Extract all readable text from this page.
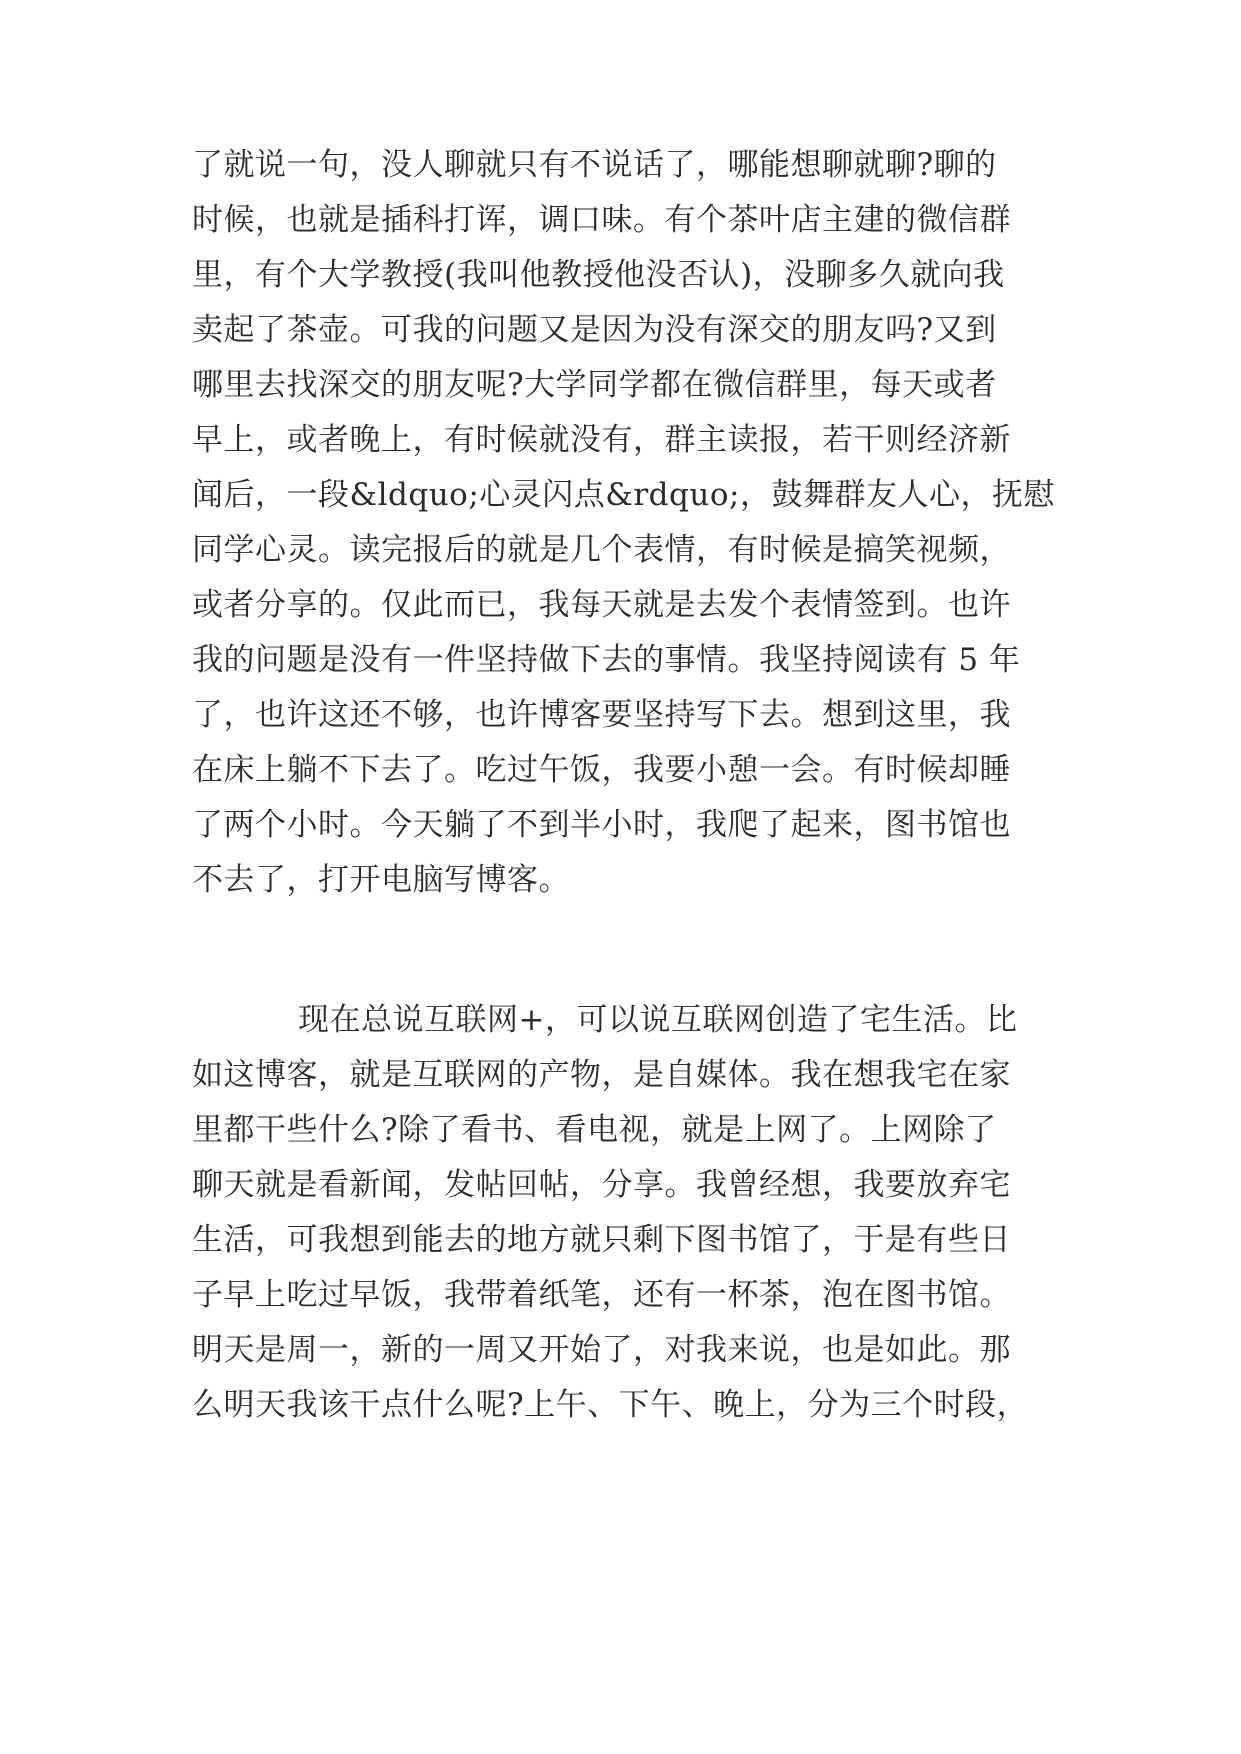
了就说一句，没人聊就只有不说话了，哪能想聊就聊?聊的

时候，也就是插科打诨，调口味。有个茶叶店主建的微信群

里，有个大学教授(我叫他教授他没否认)，没聊多久就向我

卖起了茶壶。可我的问题又是因为没有深交的朋友吗?又到

哪里去找深交的朋友呢?大学同学都在微信群里，每天或者

早上，或者晚上，有时候就没有，群主读报，若干则经济新

闻后，一段&ldquo;心灵闪点&rdquo;，鼓舞群友人心，抚慰

同学心灵。读完报后的就是几个表情，有时候是搞笑视频，

或者分享的。仅此而已，我每天就是去发个表情签到。也许

我的问题是没有一件坚持做下去的事情。我坚持阅读有 5 年

了，也许这还不够，也许博客要坚持写下去。想到这里，我

在床上躺不下去了。吃过午饭，我要小憩一会。有时候却睡

了两个小时。今天躺了不到半小时，我爬了起来，图书馆也

不去了，打开电脑写博客。

现在总说互联网+，可以说互联网创造了宅生活。比

如这博客，就是互联网的产物，是自媒体。我在想我宅在家

里都干些什么?除了看书、看电视，就是上网了。上网除了

聊天就是看新闻，发帖回帖，分享。我曾经想，我要放弃宅

生活，可我想到能去的地方就只剩下图书馆了，于是有些日

子早上吃过早饭，我带着纸笔，还有一杯茶，泡在图书馆。

明天是周一，新的一周又开始了，对我来说，也是如此。那

么明天我该干点什么呢?上午、下午、晚上，分为三个时段，
